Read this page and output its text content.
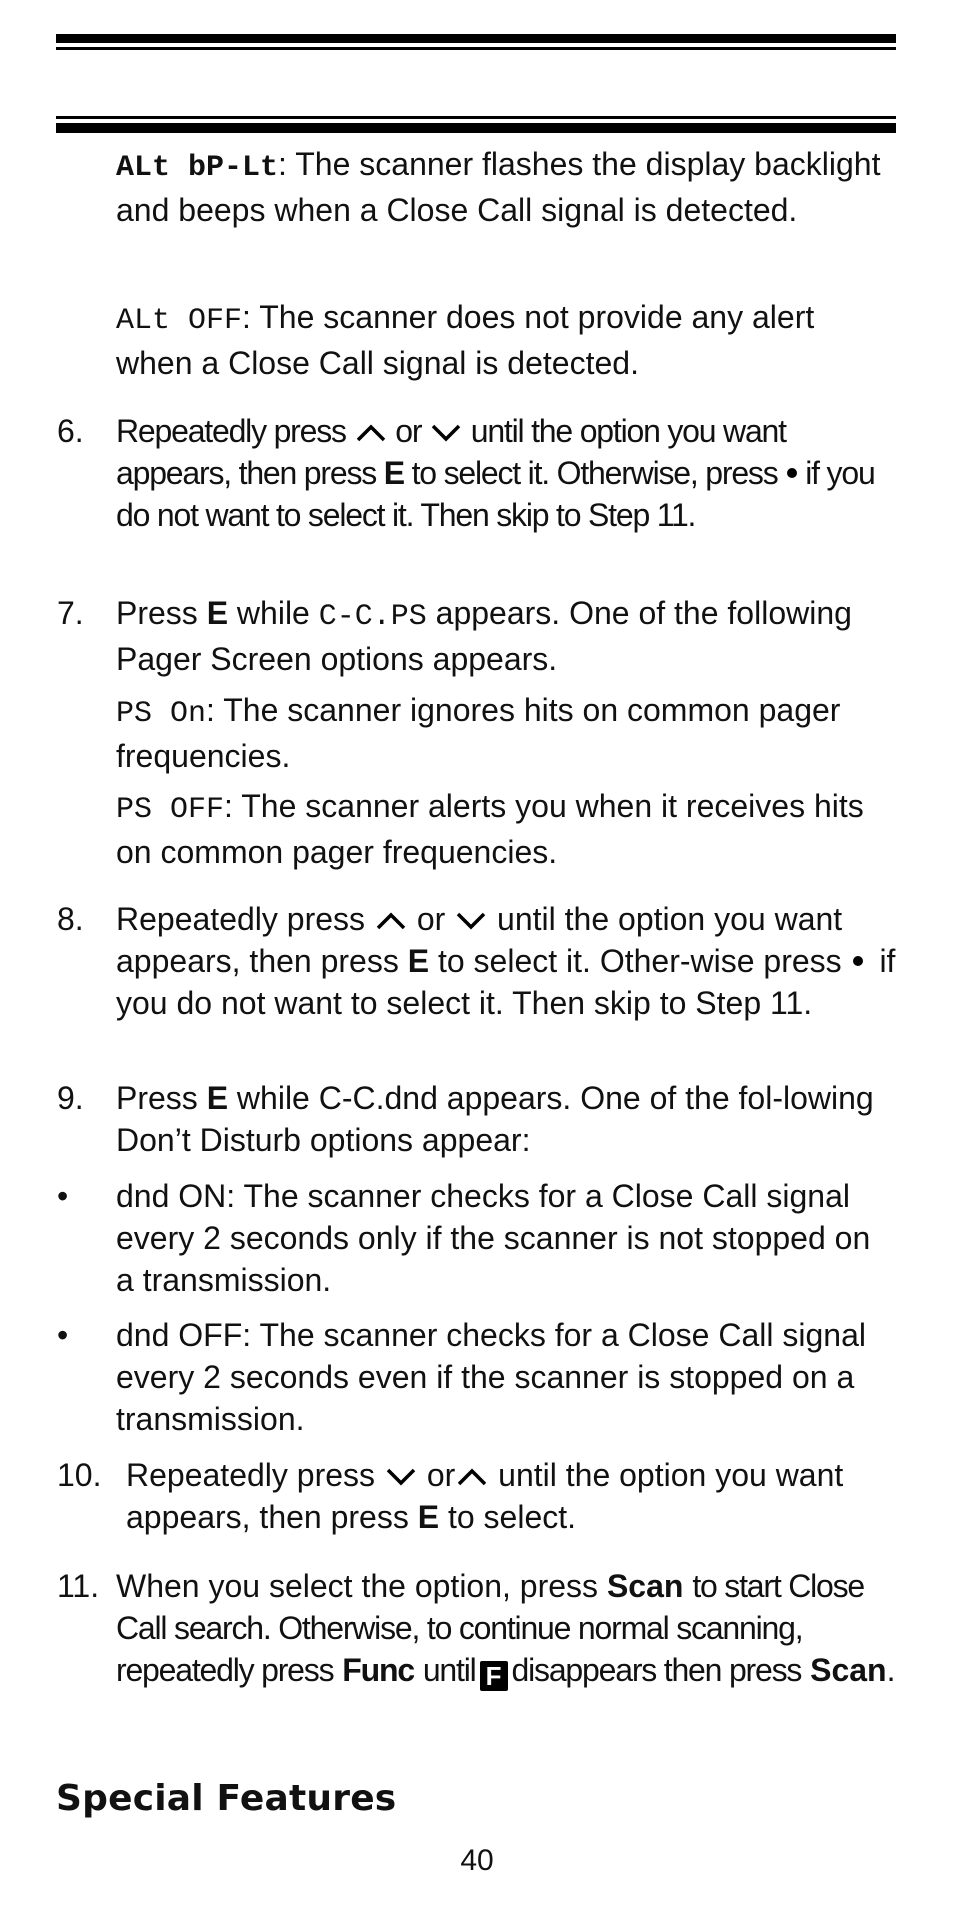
ALt bP-Lt: The scanner flashes the display backlight and beeps when a Close Call signal is detected.
ALt OFF: The scanner does not provide any alert when a Close Call signal is detected.
6. Repeatedly press or until the option you want appears, then press E to select it. Otherwise, press if you do not want to select it. Then skip to Step 11.
7. Press E while C-C.PS appears. One of the following Pager Screen options appears.
PS On: The scanner ignores hits on common pager frequencies.
PS OFF: The scanner alerts you when it receives hits on common pager frequencies.
8. Repeatedly press or until the option you want appears, then press E to select it. Other-wise press if you do not want to select it. Then skip to Step 11.
9. Press E while C-C.dnd appears. One of the fol-lowing Don’t Disturb options appear:
• dnd ON: The scanner checks for a Close Call signal every 2 seconds only if the scanner is not stopped on a transmission.
• dnd OFF: The scanner checks for a Close Call signal every 2 seconds even if the scanner is stopped on a transmission.
10. Repeatedly press or until the option you want appears, then press E to select.
11. When you select the option, press Scan to start Close Call search. Otherwise, to continue normal scanning, repeatedly press Func until F disappears then press Scan.
Special Features
40
